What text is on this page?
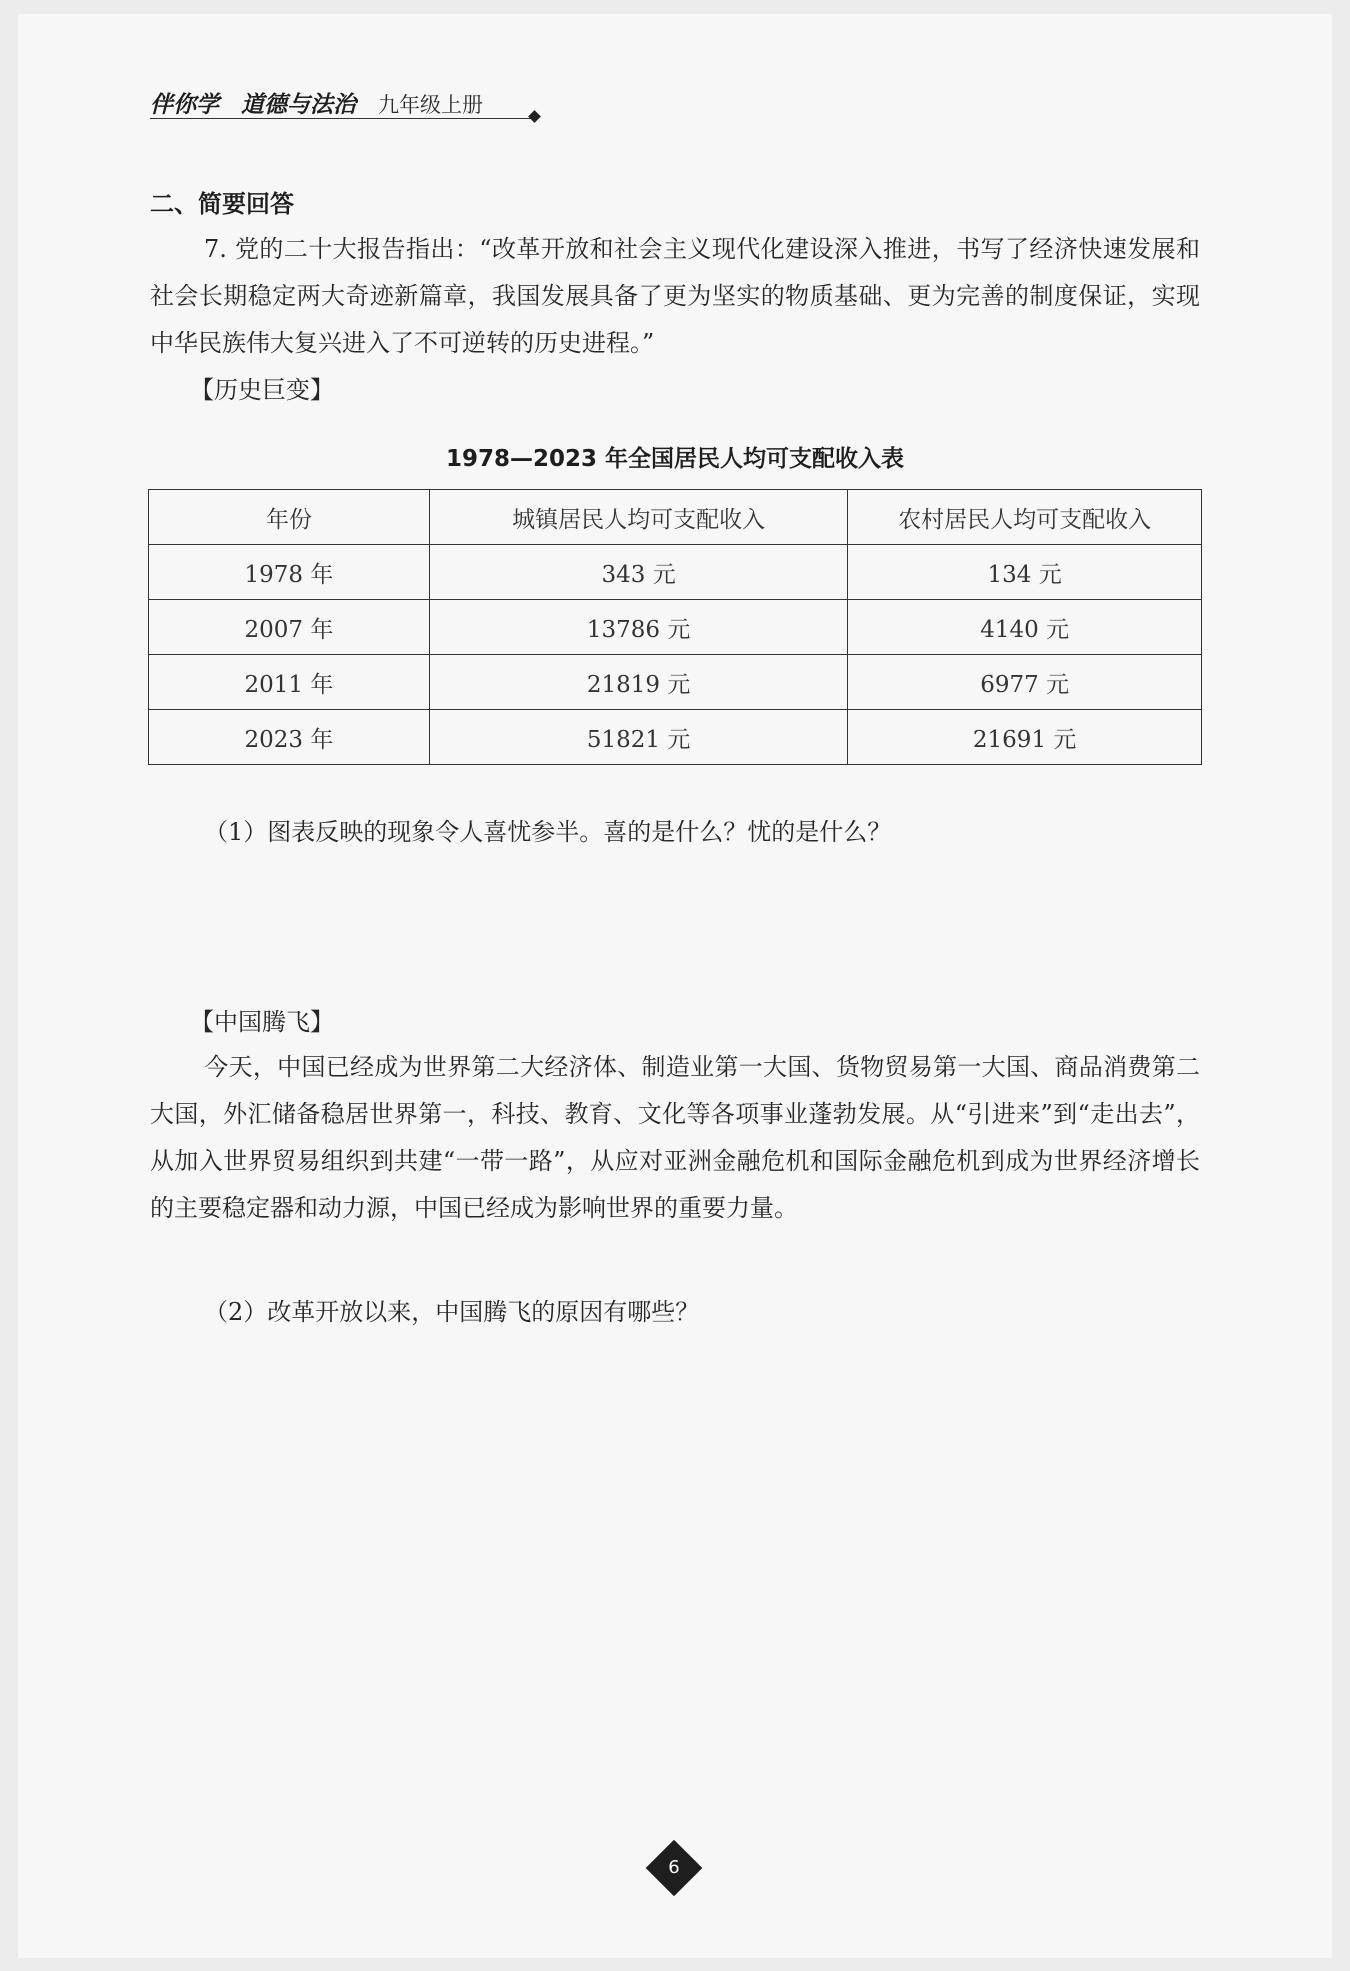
伴你学 道德与法治 九年级上册
二、简要回答
7. 党的二十大报告指出：“改革开放和社会主义现代化建设深入推进，书写了经济快速发展和社会长期稳定两大奇迹新篇章，我国发展具备了更为坚实的物质基础、更为完善的制度保证，实现中华民族伟大复兴进入了不可逆转的历史进程。”
【历史巨变】
1978—2023 年全国居民人均可支配收入表
年份	城镇居民人均可支配收入	农村居民人均可支配收入
1978 年	343 元	134 元
2007 年	13786 元	4140 元
2011 年	21819 元	6977 元
2023 年	51821 元	21691 元
（1）图表反映的现象令人喜忧参半。喜的是什么？忧的是什么？
【中国腾飞】
今天，中国已经成为世界第二大经济体、制造业第一大国、货物贸易第一大国、商品消费第二大国，外汇储备稳居世界第一，科技、教育、文化等各项事业蓬勃发展。从“引进来”到“走出去”，从加入世界贸易组织到共建“一带一路”，从应对亚洲金融危机和国际金融危机到成为世界经济增长的主要稳定器和动力源，中国已经成为影响世界的重要力量。
（2）改革开放以来，中国腾飞的原因有哪些？
6
